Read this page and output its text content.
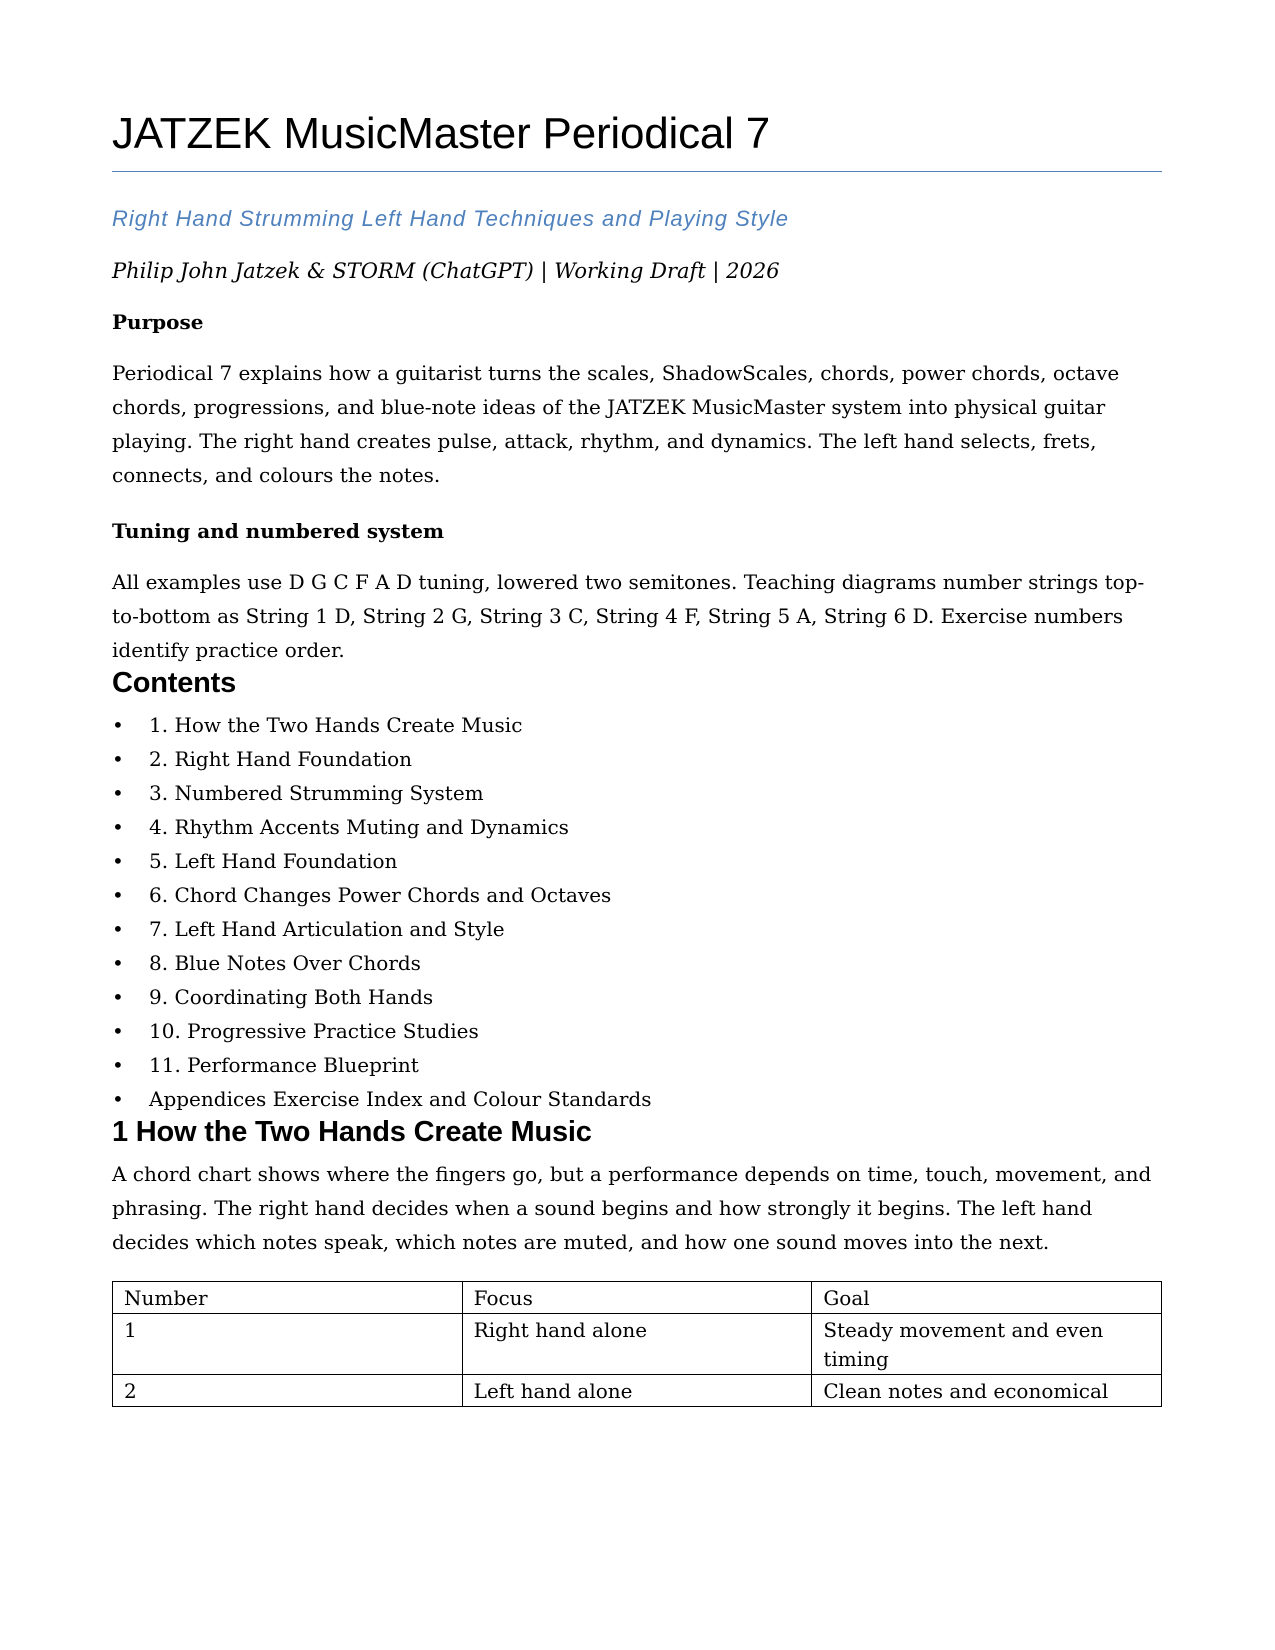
JATZEK MusicMaster Periodical 7

Right Hand Strumming Left Hand Techniques and Playing Style

Philip John Jatzek & STORM (ChatGPT) | Working Draft | 2026

Purpose

Periodical 7 explains how a guitarist turns the scales, ShadowScales, chords, power chords, octave chords, progressions, and blue-note ideas of the JATZEK MusicMaster system into physical guitar playing. The right hand creates pulse, attack, rhythm, and dynamics. The left hand selects, frets, connects, and colours the notes.

Tuning and numbered system

All examples use D G C F A D tuning, lowered two semitones. Teaching diagrams number strings top-to-bottom as String 1 D, String 2 G, String 3 C, String 4 F, String 5 A, String 6 D. Exercise numbers identify practice order.

Contents
• 1. How the Two Hands Create Music
• 2. Right Hand Foundation
• 3. Numbered Strumming System
• 4. Rhythm Accents Muting and Dynamics
• 5. Left Hand Foundation
• 6. Chord Changes Power Chords and Octaves
• 7. Left Hand Articulation and Style
• 8. Blue Notes Over Chords
• 9. Coordinating Both Hands
• 10. Progressive Practice Studies
• 11. Performance Blueprint
• Appendices Exercise Index and Colour Standards
1 How the Two Hands Create Music

A chord chart shows where the fingers go, but a performance depends on time, touch, movement, and phrasing. The right hand decides when a sound begins and how strongly it begins. The left hand decides which notes speak, which notes are muted, and how one sound moves into the next.

Number	Focus	Goal
1	Right hand alone	Steady movement and even timing
2	Left hand alone	Clean notes and economical
